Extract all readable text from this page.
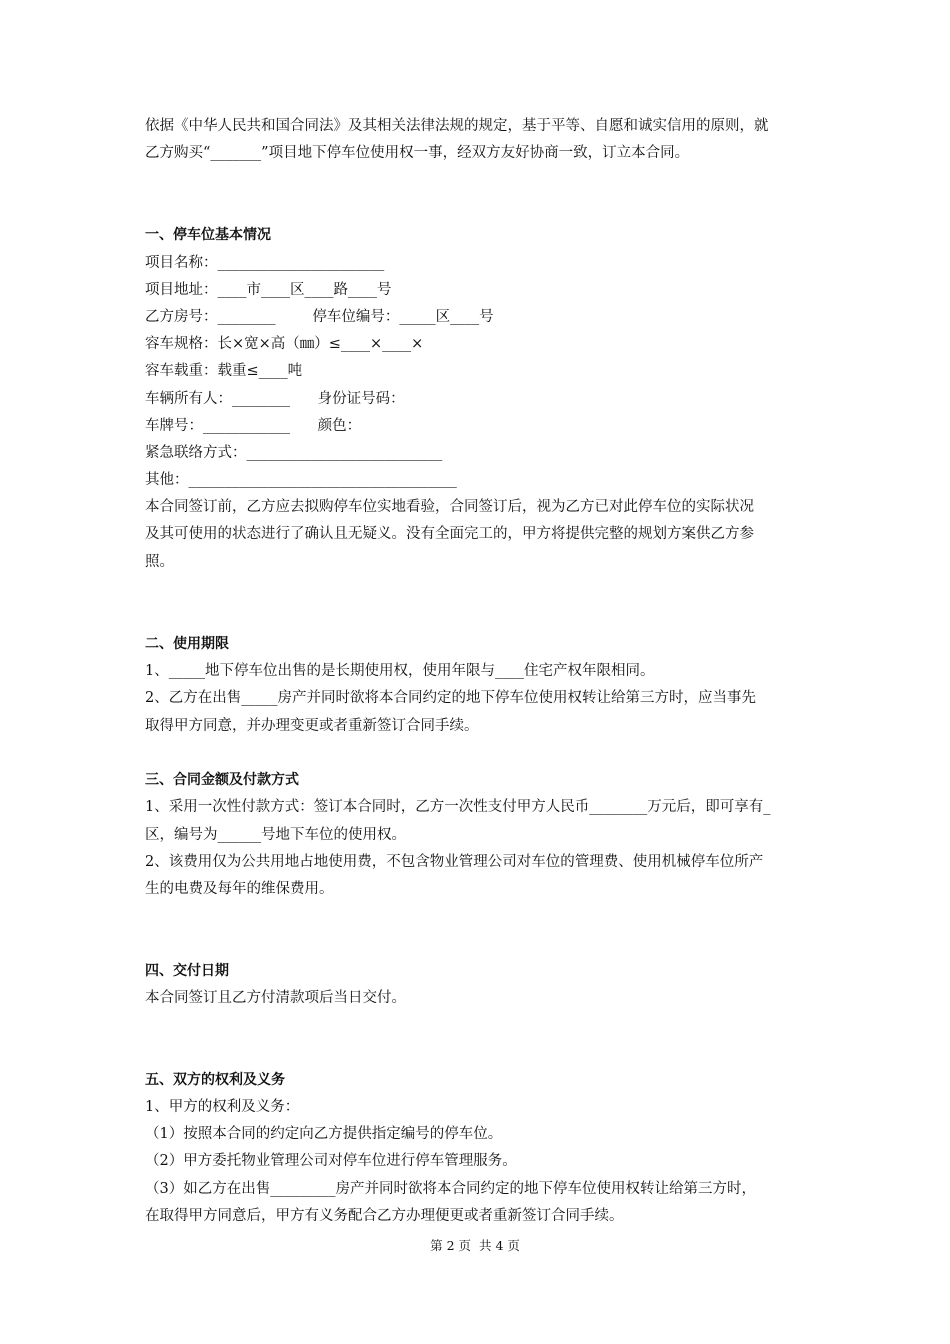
依据《中华人民共和国合同法》及其相关法律法规的规定，基于平等、自愿和诚实信用的原则，就
乙方购买“_______”项目地下停车位使用权一事，经双方友好协商一致，订立本合同。
一、停车位基本情况
项目名称：_______________________
项目地址：____市____区____路____号
乙方房号：________        停车位编号：_____区____号
容车规格：长×宽×高（㎜）≤____×____×
容车载重：载重≤____吨
车辆所有人：________      身份证号码：
车牌号：____________      颜色：
紧急联络方式：___________________________
其他：_____________________________________
本合同签订前，乙方应去拟购停车位实地看验，合同签订后，视为乙方已对此停车位的实际状况
及其可使用的状态进行了确认且无疑义。没有全面完工的，甲方将提供完整的规划方案供乙方参
照。
二、使用期限
1、_____地下停车位出售的是长期使用权，使用年限与____住宅产权年限相同。
2、乙方在出售_____房产并同时欲将本合同约定的地下停车位使用权转让给第三方时，应当事先
取得甲方同意，并办理变更或者重新签订合同手续。
三、合同金额及付款方式
1、采用一次性付款方式：签订本合同时，乙方一次性支付甲方人民币________万元后，即可享有_
区，编号为______号地下车位的使用权。
2、该费用仅为公共用地占地使用费，不包含物业管理公司对车位的管理费、使用机械停车位所产
生的电费及每年的维保费用。
四、交付日期
本合同签订且乙方付清款项后当日交付。
五、双方的权利及义务
1、甲方的权利及义务：
（1）按照本合同的约定向乙方提供指定编号的停车位。
（2）甲方委托物业管理公司对停车位进行停车管理服务。
（3）如乙方在出售_________房产并同时欲将本合同约定的地下停车位使用权转让给第三方时，
在取得甲方同意后，甲方有义务配合乙方办理便更或者重新签订合同手续。
第 2 页  共 4 页
